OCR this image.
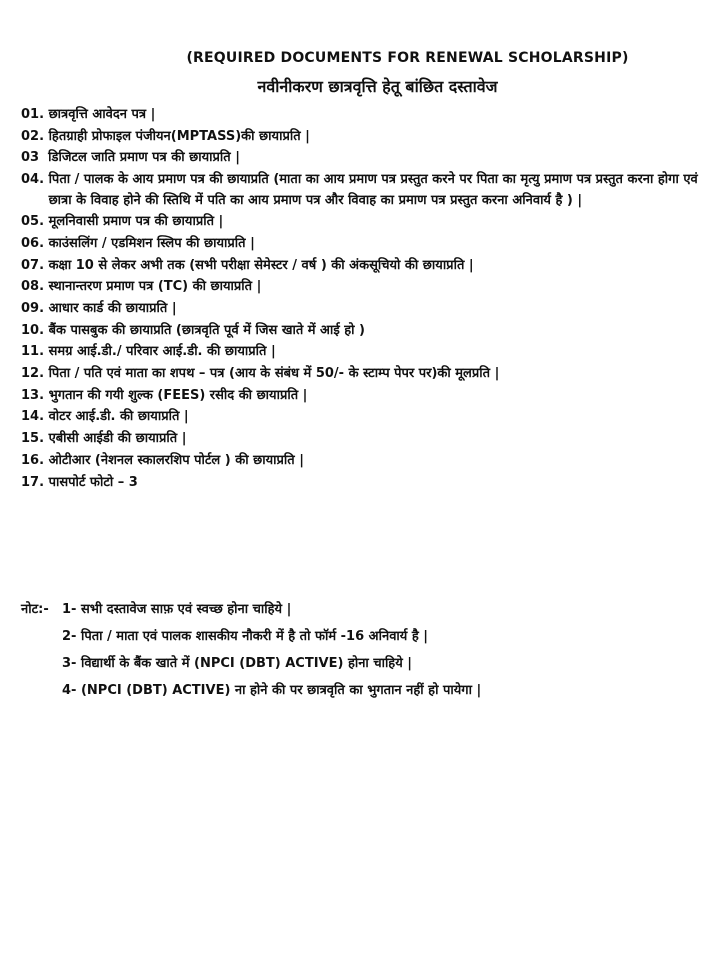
(REQUIRED DOCUMENTS FOR RENEWAL SCHOLARSHIP)
नवीनीकरण छात्रवृत्ति हेतू बांछित दस्तावेज
01.
छात्रवृत्ति आवेदन पत्र |
02.
हितग्राही प्रोफाइल पंजीयन(MPTASS)की छायाप्रति |
03
डिजिटल जाति प्रमाण पत्र की छायाप्रति |
04.
पिता / पालक के आय प्रमाण पत्र की छायाप्रति (माता का आय प्रमाण पत्र प्रस्तुत करने पर पिता का मृत्यु प्रमाण पत्र प्रस्तुत करना होगा एवं छात्रा के विवाह होने की स्तिथि में पति का आय प्रमाण पत्र और विवाह का प्रमाण पत्र प्रस्तुत करना अनिवार्य है ) |
05.
मूलनिवासी प्रमाण पत्र की छायाप्रति |
06.
काउंसलिंग / एडमिशन स्लिप की छायाप्रति |
07.
कक्षा 10 से लेकर अभी तक (सभी परीक्षा सेमेस्टर / वर्ष ) की अंकसूचियो की छायाप्रति |
08.
स्थानान्तरण प्रमाण पत्र (TC) की छायाप्रति |
09.
आधार कार्ड की छायाप्रति |
10.
बैंक पासबुक की छायाप्रति (छात्रवृति पूर्व में जिस खाते में आई हो )
11.
समग्र आई.डी./ परिवार आई.डी. की छायाप्रति |
12.
पिता / पति एवं माता का शपथ – पत्र (आय के संबंध में 50/- के स्टाम्प पेपर पर)की मूलप्रति |
13.
भुगतान की गयी शुल्क (FEES) रसीद की छायाप्रति |
14.
वोटर आई.डी. की छायाप्रति |
15.
एबीसी आईडी की छायाप्रति |
16.
ओटीआर (नेशनल स्कालरशिप पोर्टल ) की छायाप्रति |
17.
पासपोर्ट फोटो – 3
नोट:-	1- सभी दस्तावेज साफ़ एवं स्वच्छ होना चाहिये |
2- पिता / माता एवं पालक शासकीय नौकरी में है तो फॉर्म -16 अनिवार्य है |
3- विद्यार्थी के बैंक खाते में (NPCI (DBT) ACTIVE) होना चाहिये |
4- (NPCI (DBT) ACTIVE) ना होने की पर छात्रवृति का भुगतान नहीं हो पायेगा |
